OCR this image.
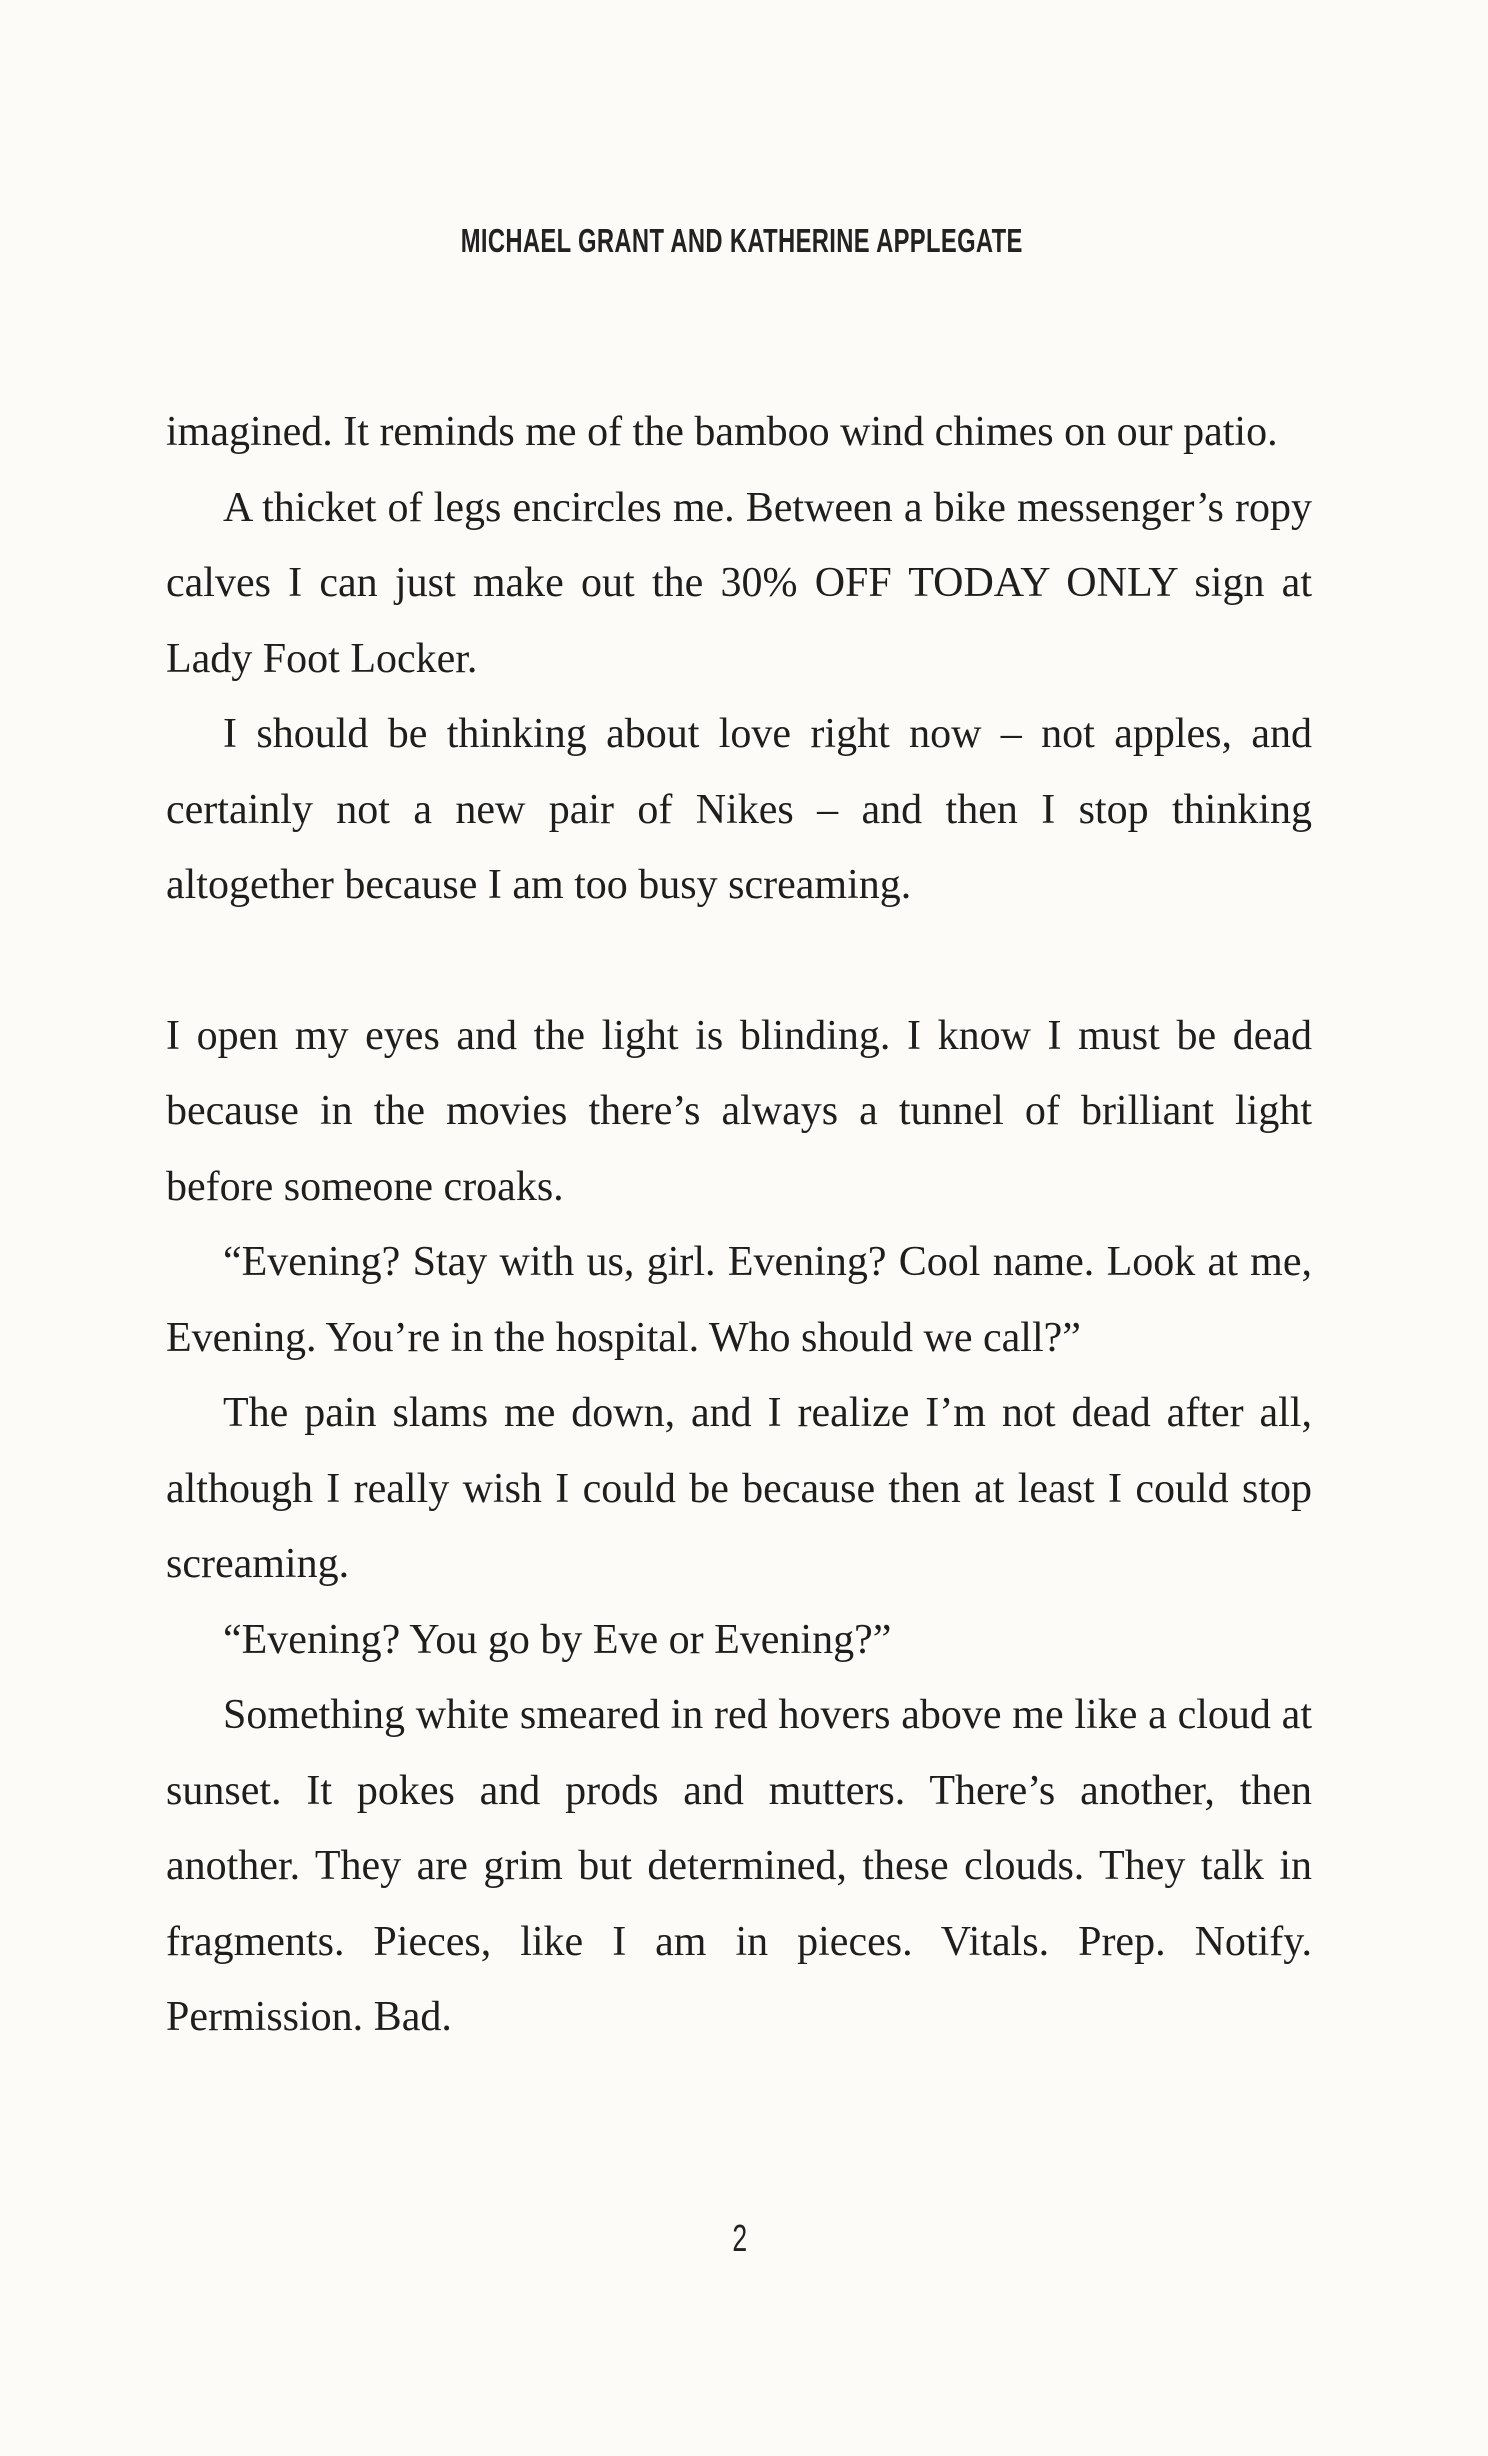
MICHAEL GRANT AND KATHERINE APPLEGATE

imagined. It reminds me of the bamboo wind chimes on our patio.

A thicket of legs encircles me. Between a bike messenger’s ropy calves I can just make out the 30% OFF TODAY ONLY sign at Lady Foot Locker.

I should be thinking about love right now – not apples, and certainly not a new pair of Nikes – and then I stop thinking altogether because I am too busy screaming.

I open my eyes and the light is blinding. I know I must be dead because in the movies there’s always a tunnel of brilliant light before someone croaks.

“Evening? Stay with us, girl. Evening? Cool name. Look at me, Evening. You’re in the hospital. Who should we call?”

The pain slams me down, and I realize I’m not dead after all, although I really wish I could be because then at least I could stop screaming.

“Evening? You go by Eve or Evening?”

Something white smeared in red hovers above me like a cloud at sunset. It pokes and prods and mutters. There’s another, then another. They are grim but determined, these clouds. They talk in fragments. Pieces, like I am in pieces. Vitals. Prep. Notify. Permission. Bad.

2
